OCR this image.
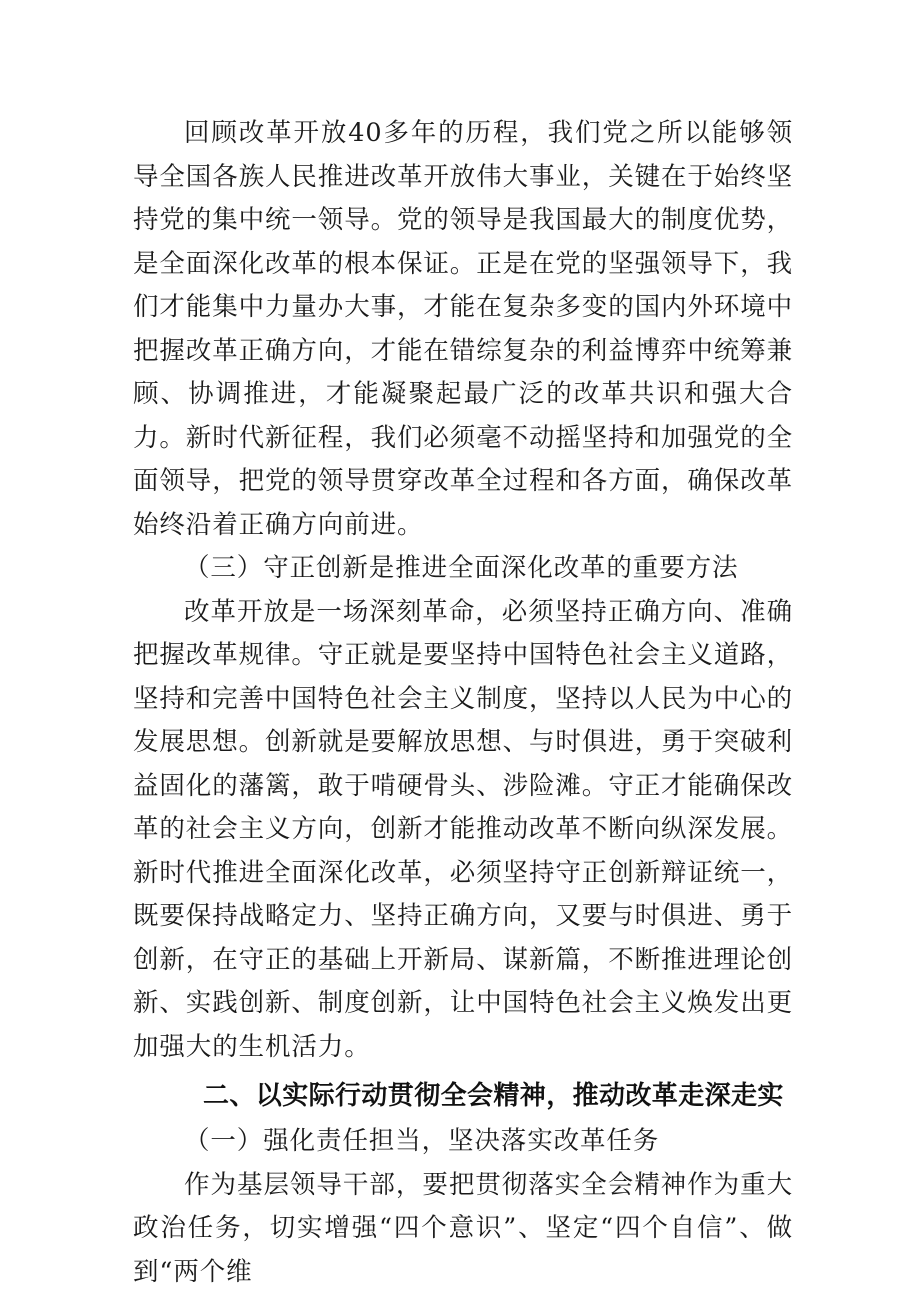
回顾改革开放40多年的历程，我们党之所以能够领导全国各族人民推进改革开放伟大事业，关键在于始终坚持党的集中统一领导。党的领导是我国最大的制度优势，是全面深化改革的根本保证。正是在党的坚强领导下，我们才能集中力量办大事，才能在复杂多变的国内外环境中把握改革正确方向，才能在错综复杂的利益博弈中统筹兼顾、协调推进，才能凝聚起最广泛的改革共识和强大合力。新时代新征程，我们必须毫不动摇坚持和加强党的全面领导，把党的领导贯穿改革全过程和各方面，确保改革始终沿着正确方向前进。

（三）守正创新是推进全面深化改革的重要方法

改革开放是一场深刻革命，必须坚持正确方向、准确把握改革规律。守正就是要坚持中国特色社会主义道路，坚持和完善中国特色社会主义制度，坚持以人民为中心的发展思想。创新就是要解放思想、与时俱进，勇于突破利益固化的藩篱，敢于啃硬骨头、涉险滩。守正才能确保改革的社会主义方向，创新才能推动改革不断向纵深发展。新时代推进全面深化改革，必须坚持守正创新辩证统一，既要保持战略定力、坚持正确方向，又要与时俱进、勇于创新，在守正的基础上开新局、谋新篇，不断推进理论创新、实践创新、制度创新，让中国特色社会主义焕发出更加强大的生机活力。

二、以实际行动贯彻全会精神，推动改革走深走实

（一）强化责任担当，坚决落实改革任务

作为基层领导干部，要把贯彻落实全会精神作为重大政治任务，切实增强“四个意识”、坚定“四个自信”、做到“两个维
